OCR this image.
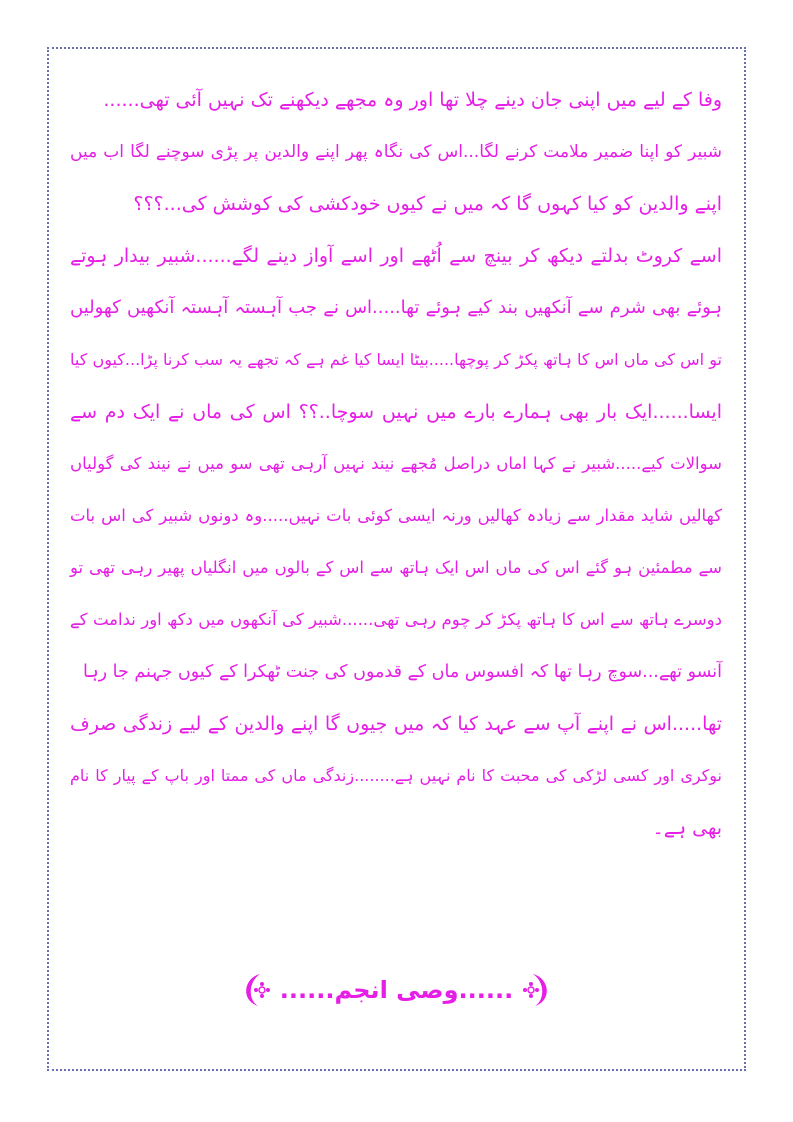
وفا کے لیے میں اپنی جان دینے چلا تھا اور وہ مجھے دیکھنے تک نہیں آئی تھی......
شبیر کو اپنا ضمیر ملامت کرنے لگا...اس کی نگاہ پھر اپنے والدین پر پڑی سوچنے لگا اب میں
اپنے والدین کو کیا کہوں گا کہ میں نے کیوں خودکشی کی کوشش کی...؟؟؟
اسے کروٹ بدلتے دیکھ کر بینچ سے اُٹھے اور اسے آواز دینے لگے......شبیر بیدار ہوتے
ہوئے بھی شرم سے آنکھیں بند کیے ہوئے تھا.....اس نے جب آہستہ آہستہ آنکھیں کھولیں
تو اس کی ماں اس کا ہاتھ پکڑ کر پوچھا.....بیٹا ایسا کیا غم ہے کہ تجھے یہ سب کرنا پڑا...کیوں کیا
ایسا......ایک بار بھی ہمارے بارے میں نہیں سوچا..؟؟ اس کی ماں نے ایک دم سے
سوالات کیے.....شبیر نے کہا اماں دراصل مُجھے نیند نہیں آرہی تھی سو میں نے نیند کی گولیاں
کھالیں شاید مقدار سے زیادہ کھالیں ورنہ ایسی کوئی بات نہیں.....وہ دونوں شبیر کی اس بات
سے مطمئین ہو گئے اس کی ماں اس ایک ہاتھ سے اس کے بالوں میں انگلیاں پھیر رہی تھی تو
دوسرے ہاتھ سے اس کا ہاتھ پکڑ کر چوم رہی تھی......شبیر کی آنکھوں میں دکھ اور ندامت کے
آنسو تھے...سوچ رہا تھا کہ افسوس ماں کے قدموں کی جنت ٹھکرا کے کیوں جہنم جا رہا
تھا.....اس نے اپنے آپ سے عہد کیا کہ میں جیوں گا اپنے والدین کے لیے زندگی صرف
نوکری اور کسی لڑکی کی محبت کا نام نہیں ہے........زندگی ماں کی ممتا اور باپ کے پیار کا نام
بھی ہے۔
......وصی انجم......
